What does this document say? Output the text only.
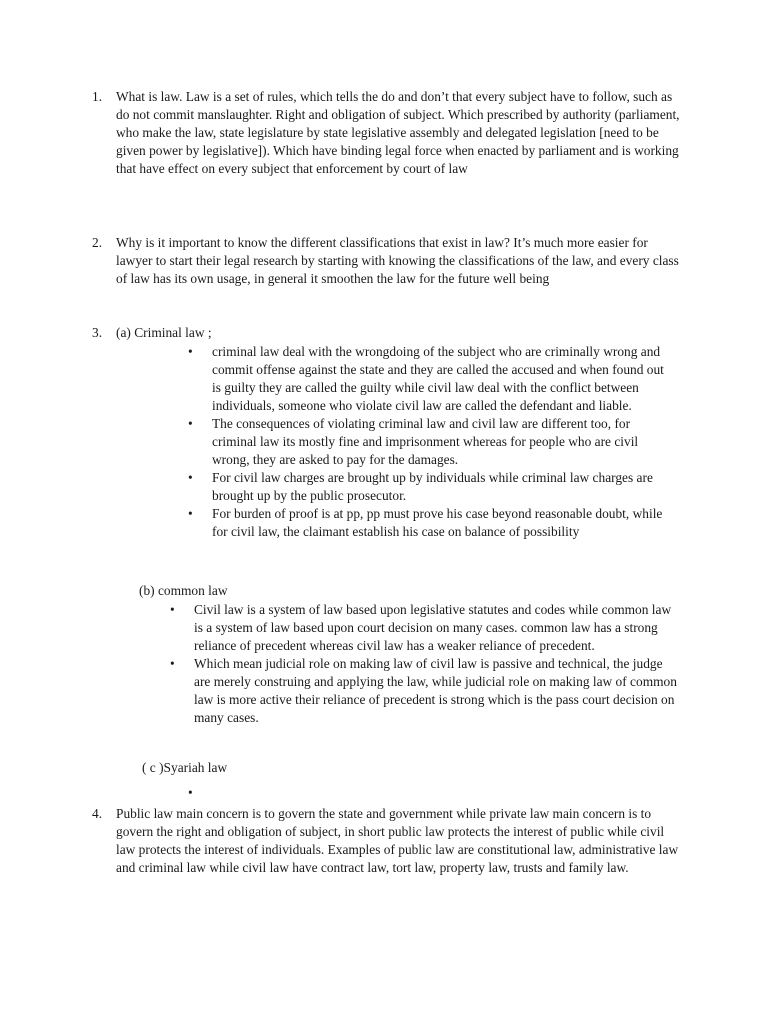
1. What is law. Law is a set of rules, which tells the do and don’t that every subject have to follow, such as do not commit manslaughter. Right and obligation of subject. Which prescribed by authority (parliament, who make the law, state legislature by state legislative assembly and delegated legislation [need to be given power by legislative]). Which have binding legal force when enacted by parliament and is working that have effect on every subject that enforcement by court of law
2. Why is it important to know the different classifications that exist in law? It’s much more easier for lawyer to start their legal research by starting with knowing the classifications of the law, and every class of law has its own usage, in general it smoothen the law for the future well being
3. (a) Criminal law ;
• criminal law deal with the wrongdoing of the subject who are criminally wrong and commit offense against the state and they are called the accused and when found out is guilty they are called the guilty while civil law deal with the conflict between individuals, someone who violate civil law are called the defendant and liable.
• The consequences of violating criminal law and civil law are different too, for criminal law its mostly fine and imprisonment whereas for people who are civil wrong, they are asked to pay for the damages.
• For civil law charges are brought up by individuals while criminal law charges are brought up by the public prosecutor.
• For burden of proof is at pp, pp must prove his case beyond reasonable doubt, while for civil law, the claimant establish his case on balance of possibility
(b) common law
• Civil law is a system of law based upon legislative statutes and codes while common law is a system of law based upon court decision on many cases. common law has a strong reliance of precedent whereas civil law has a weaker reliance of precedent.
• Which mean judicial role on making law of civil law is passive and technical, the judge are merely construing and applying the law, while judicial role on making law of common law is more active their reliance of precedent is strong which is the pass court decision on many cases.
( c )Syariah law
•
4. Public law main concern is to govern the state and government while private law main concern is to govern the right and obligation of subject, in short public law protects the interest of public while civil law protects the interest of individuals. Examples of public law are constitutional law, administrative law and criminal law while civil law have contract law, tort law, property law, trusts and family law.
